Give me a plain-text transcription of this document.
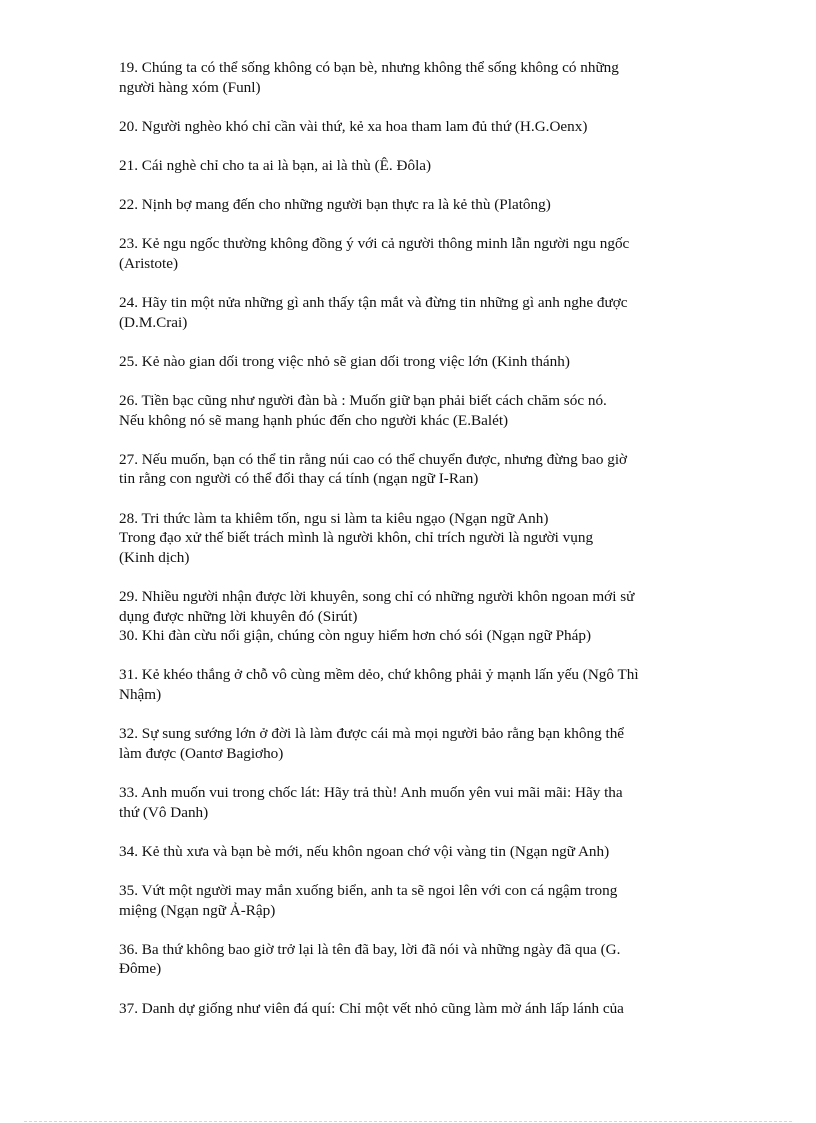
19. Chúng ta có thể sống không có bạn bè, nhưng không thể sống không có những
người hàng xóm (Funl)

20. Người nghèo khó chỉ cần vài thứ, kẻ xa hoa tham lam đủ thứ (H.G.Oenx)

21. Cái nghè chỉ cho ta ai là bạn, ai là thù (Ê. Đôla)

22. Nịnh bợ mang đến cho những người bạn thực ra là kẻ thù (Platông)

23. Kẻ ngu ngốc thường không đồng ý với cả người thông minh lẫn người ngu ngốc
(Aristote)

24. Hãy tin một nửa những gì anh thấy tận mắt và đừng tin những gì anh nghe được
(D.M.Crai)

25. Kẻ nào gian dối trong việc nhỏ sẽ gian dối trong việc lớn (Kinh thánh)

26. Tiền bạc cũng như người đàn bà : Muốn giữ bạn phải biết cách chăm sóc nó.
Nếu không nó sẽ mang hạnh phúc đến cho người khác (E.Balét)

27. Nếu muốn, bạn có thể tin rằng núi cao có thể chuyển được, nhưng đừng bao giờ
tin rằng con người có thể đổi thay cá tính (ngạn ngữ I-Ran)

28. Tri thức làm ta khiêm tốn, ngu si làm ta kiêu ngạo (Ngạn ngữ Anh)
Trong đạo xử thế biết trách mình là người khôn, chỉ trích người là người vụng
(Kinh dịch)

29. Nhiều người nhận được lời khuyên, song chỉ có những người khôn ngoan mới sử
dụng được những lời khuyên đó (Sirút)

30. Khi đàn cừu nổi giận, chúng còn nguy hiểm hơn chó sói (Ngạn ngữ Pháp)

31. Kẻ khéo thắng ở chỗ vô cùng mềm dẻo, chứ không phải ỷ mạnh lấn yếu (Ngô Thì
Nhậm)

32. Sự sung sướng lớn ở đời là làm được cái mà mọi người bảo rằng bạn không thể
làm được (Oantơ Bagiơho)

33. Anh muốn vui trong chốc lát: Hãy trả thù! Anh muốn yên vui mãi mãi: Hãy tha
thứ (Vô Danh)

34. Kẻ thù xưa và bạn bè mới, nếu khôn ngoan chớ vội vàng tin (Ngạn ngữ Anh)

35. Vứt một người may mắn xuống biển, anh ta sẽ ngoi lên với con cá ngậm trong
miệng (Ngạn ngữ Ả-Rập)

36. Ba thứ không bao giờ trở lại là tên đã bay, lời đã nói và những ngày đã qua (G.
Đôme)

37. Danh dự giống như viên đá quí: Chỉ một vết nhỏ cũng làm mờ ánh lấp lánh của
